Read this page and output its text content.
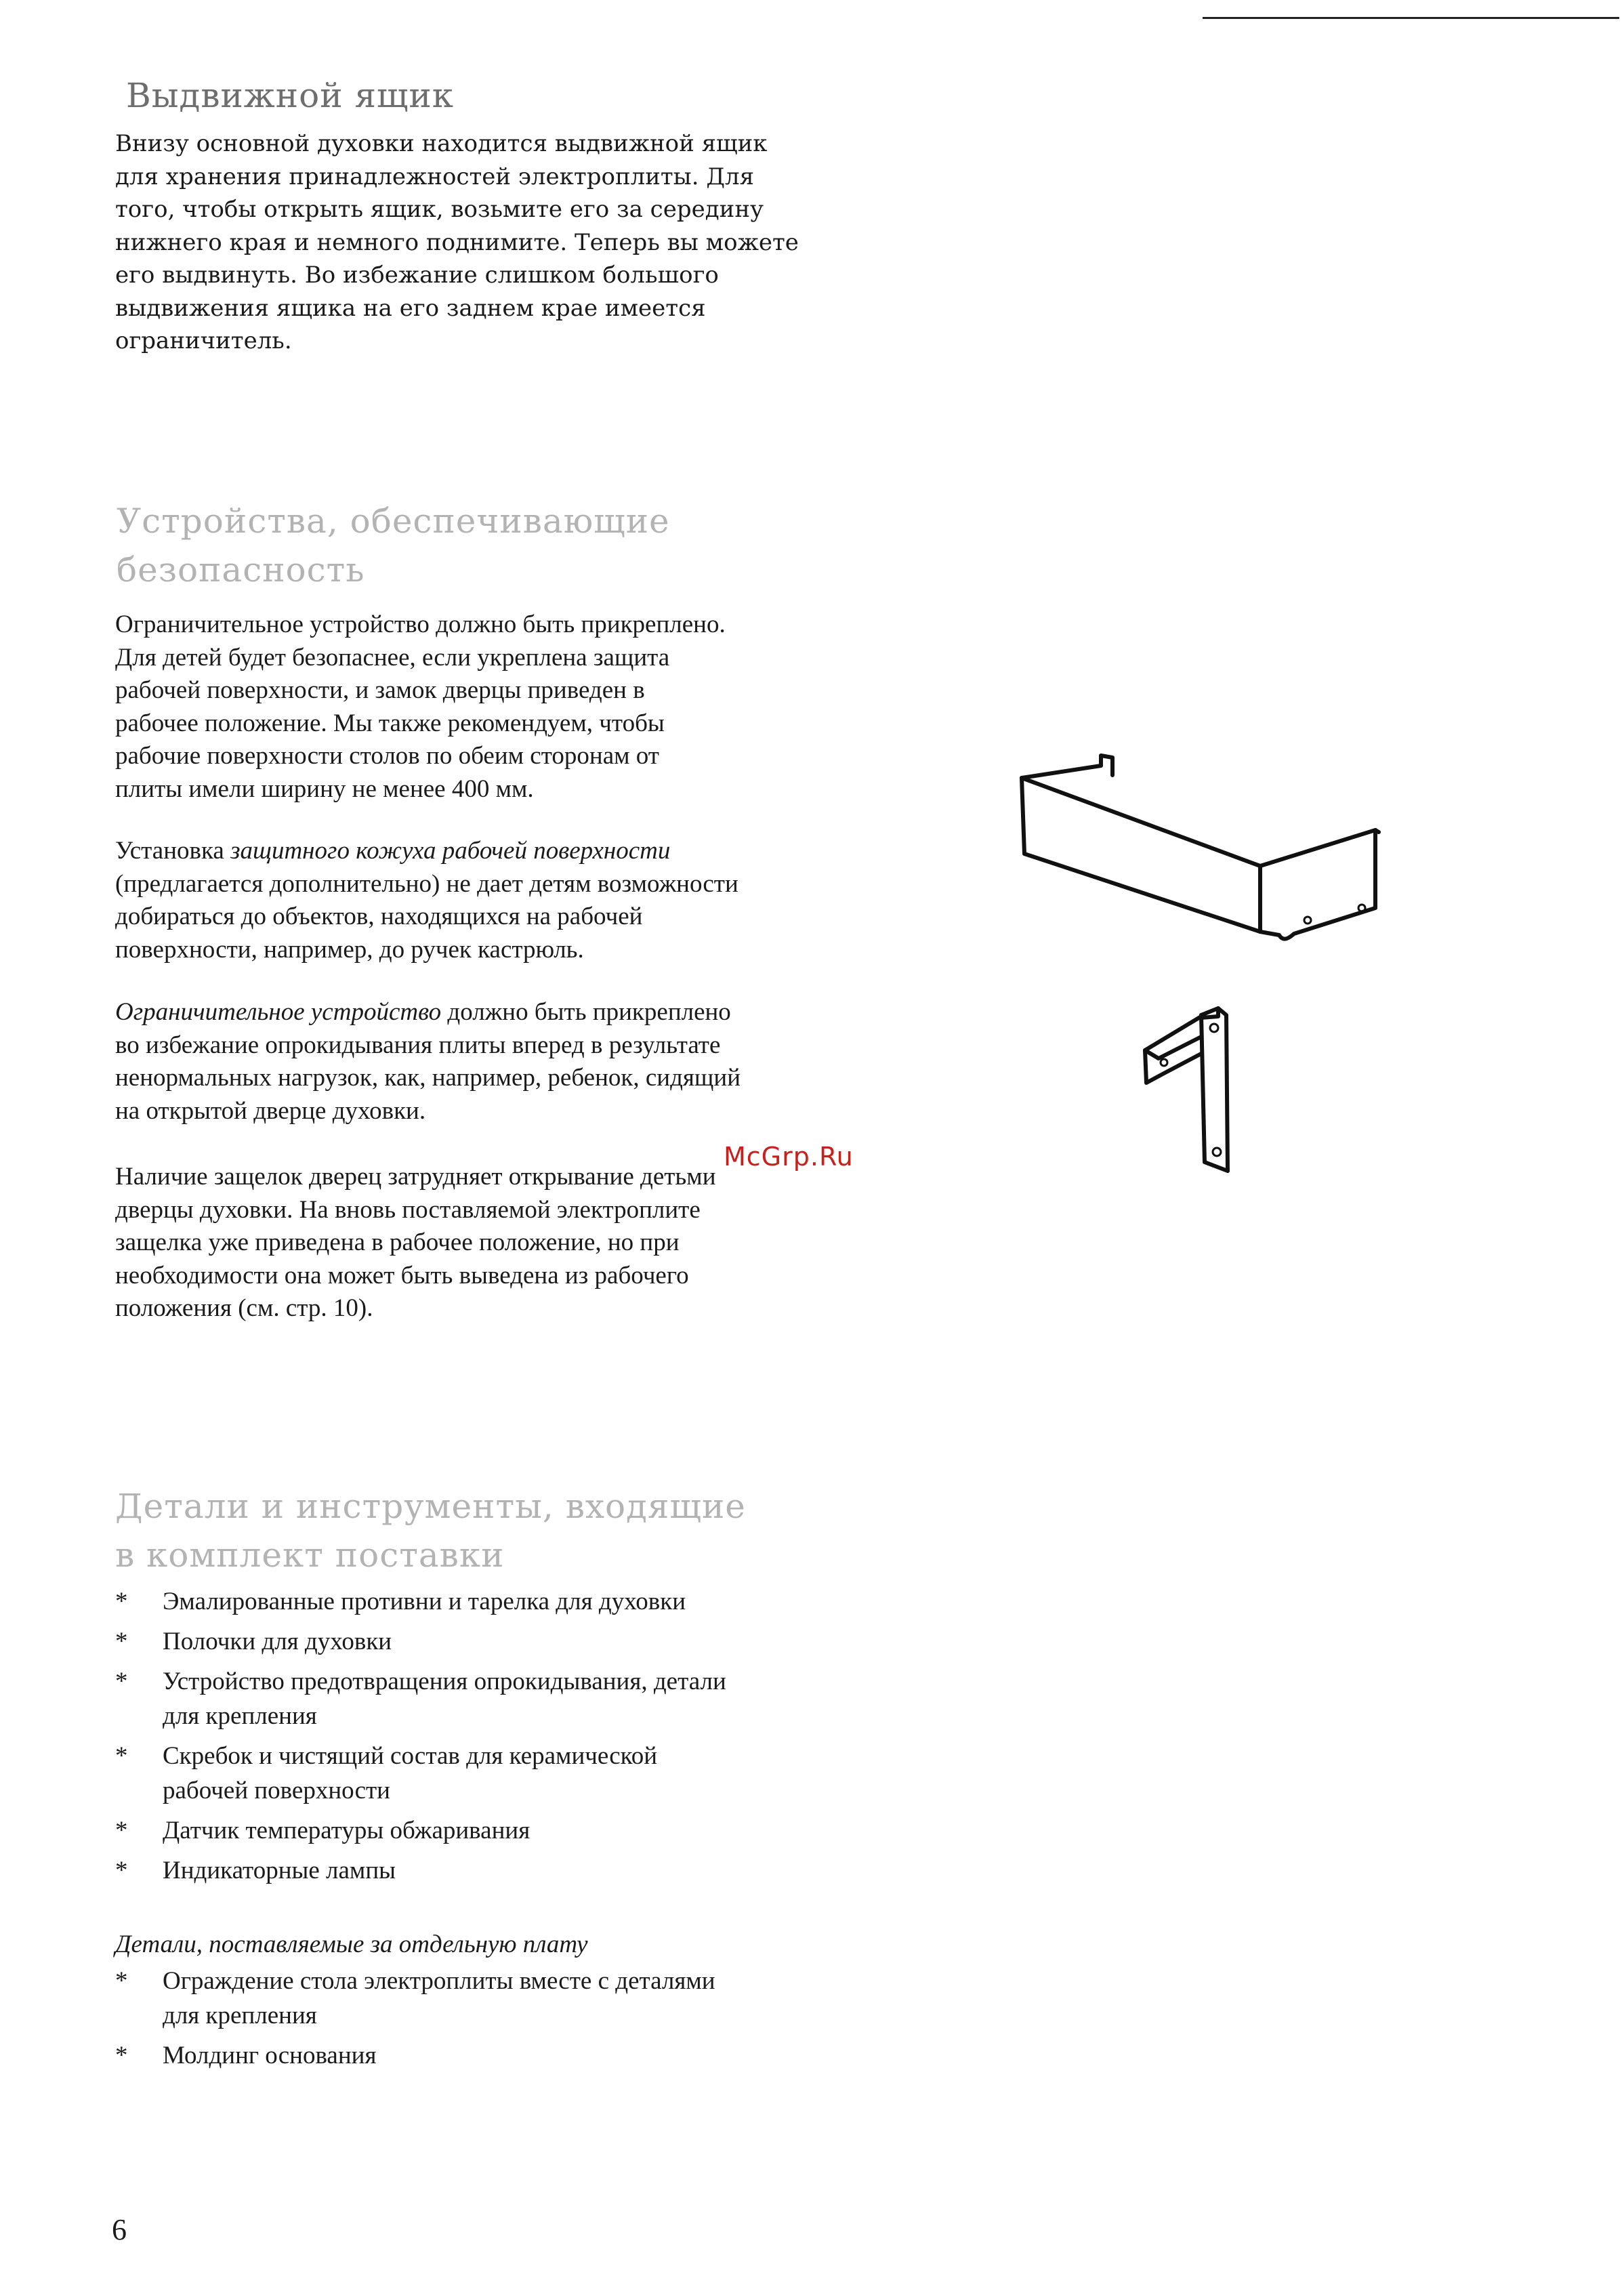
Выдвижной ящик
Внизу основной духовки находится выдвижной ящик
для хранения принадлежностей электроплиты. Для
того, чтобы открыть ящик, возьмите его за середину
нижнего края и немного поднимите. Теперь вы можете
его выдвинуть. Во избежание слишком большого
выдвижения ящика на его заднем крае имеется
ограничитель.
Устройства, обеспечивающие
безопасность
Ограничительное устройство должно быть прикреплено.
Для детей будет безопаснее, если укреплена защита
рабочей поверхности, и замок дверцы приведен в
рабочее положение. Мы также рекомендуем, чтобы
рабочие поверхности столов по обеим сторонам от
плиты имели ширину не менее 400 мм.
Установка защитного кожуха рабочей поверхности
(предлагается дополнительно) не дает детям возможности
добираться до объектов, находящихся на рабочей
поверхности, например, до ручек кастрюль.
Ограничительное устройство должно быть прикреплено
во избежание опрокидывания плиты вперед в результате
ненормальных нагрузок, как, например, ребенок, сидящий
на открытой дверце духовки.
Наличие защелок дверец затрудняет открывание детьми
дверцы духовки. На вновь поставляемой электроплите
защелка уже приведена в рабочее положение, но при
необходимости она может быть выведена из рабочего
положения (см. стр. 10).
McGrp.Ru
Детали и инструменты, входящие
в комплект поставки
* Эмалированные противни и тарелка для духовки
* Полочки для духовки
* Устройство предотвращения опрокидывания, детали
для крепления
* Скребок и чистящий состав для керамической
рабочей поверхности
* Датчик температуры обжаривания
* Индикаторные лампы
Детали, поставляемые за отдельную плату
* Ограждение стола электроплиты вместе с деталями
для крепления
* Молдинг основания
6
